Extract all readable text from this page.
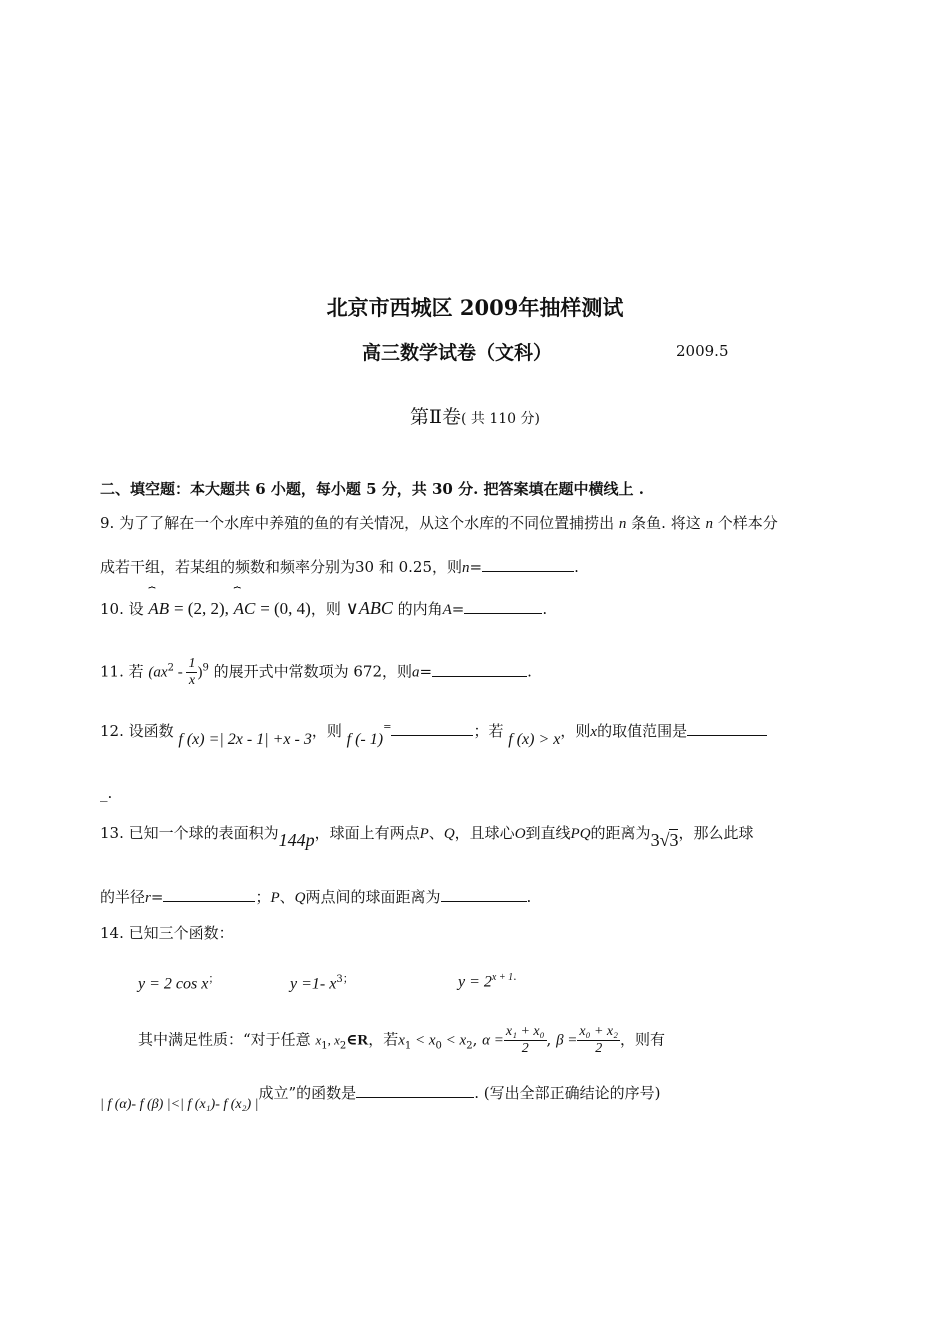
北京市西城区 2009年抽样测试
高三数学试卷（文科）	2009.5
第Ⅱ卷( 共 110 分)
二、填空题：本大题共 6 小题，每小题 5 分，共 30 分. 把答案填在题中横线上 .
9. 为了了解在一个水库中养殖的鱼的有关情况，从这个水库的不同位置捕捞出 n 条鱼. 将这 n 个样本分
成若干组，若某组的频数和频率分别为30 和 0.25，则n=	.
10. 设 ⏞ AB = (2, 2), ⏞ AC = (0, 4)，则 ∨ABC 的内角A=	.
11. 若 $(ax^2 - \frac{1}{x} )^9$ 的展开式中常数项为 672，则a=	.
12. 设函数 f (x) =| 2x - 1| +x - 3，则 f (- 1)=	；若 f (x) > x，则x的取值范围是
_.
13. 已知一个球的表面积为144p，球面上有两点P、Q，且球心O到直线PQ的距离为3√3，那么此球
的半径r=	；P、Q两点间的球面距离为	.
14. 已知三个函数：
y = 2 cos x；	y =1- $x^{3;}$	$y = 2^{x + 1.}$
其中满足性质：“对于任意 $x_1$, $x_2\in R$，若$x_1 < x_0 < x_2$, $\alpha = \frac{\text{x₁ + x₀}}{2}$ , $\beta = \frac{\text{x₀ + x₂}}{2}$ ，则有
| f (α)- f (β) |<| f (x₁)- f (x₂) |成立”的函数是	. (写出全部正确结论的序号)
